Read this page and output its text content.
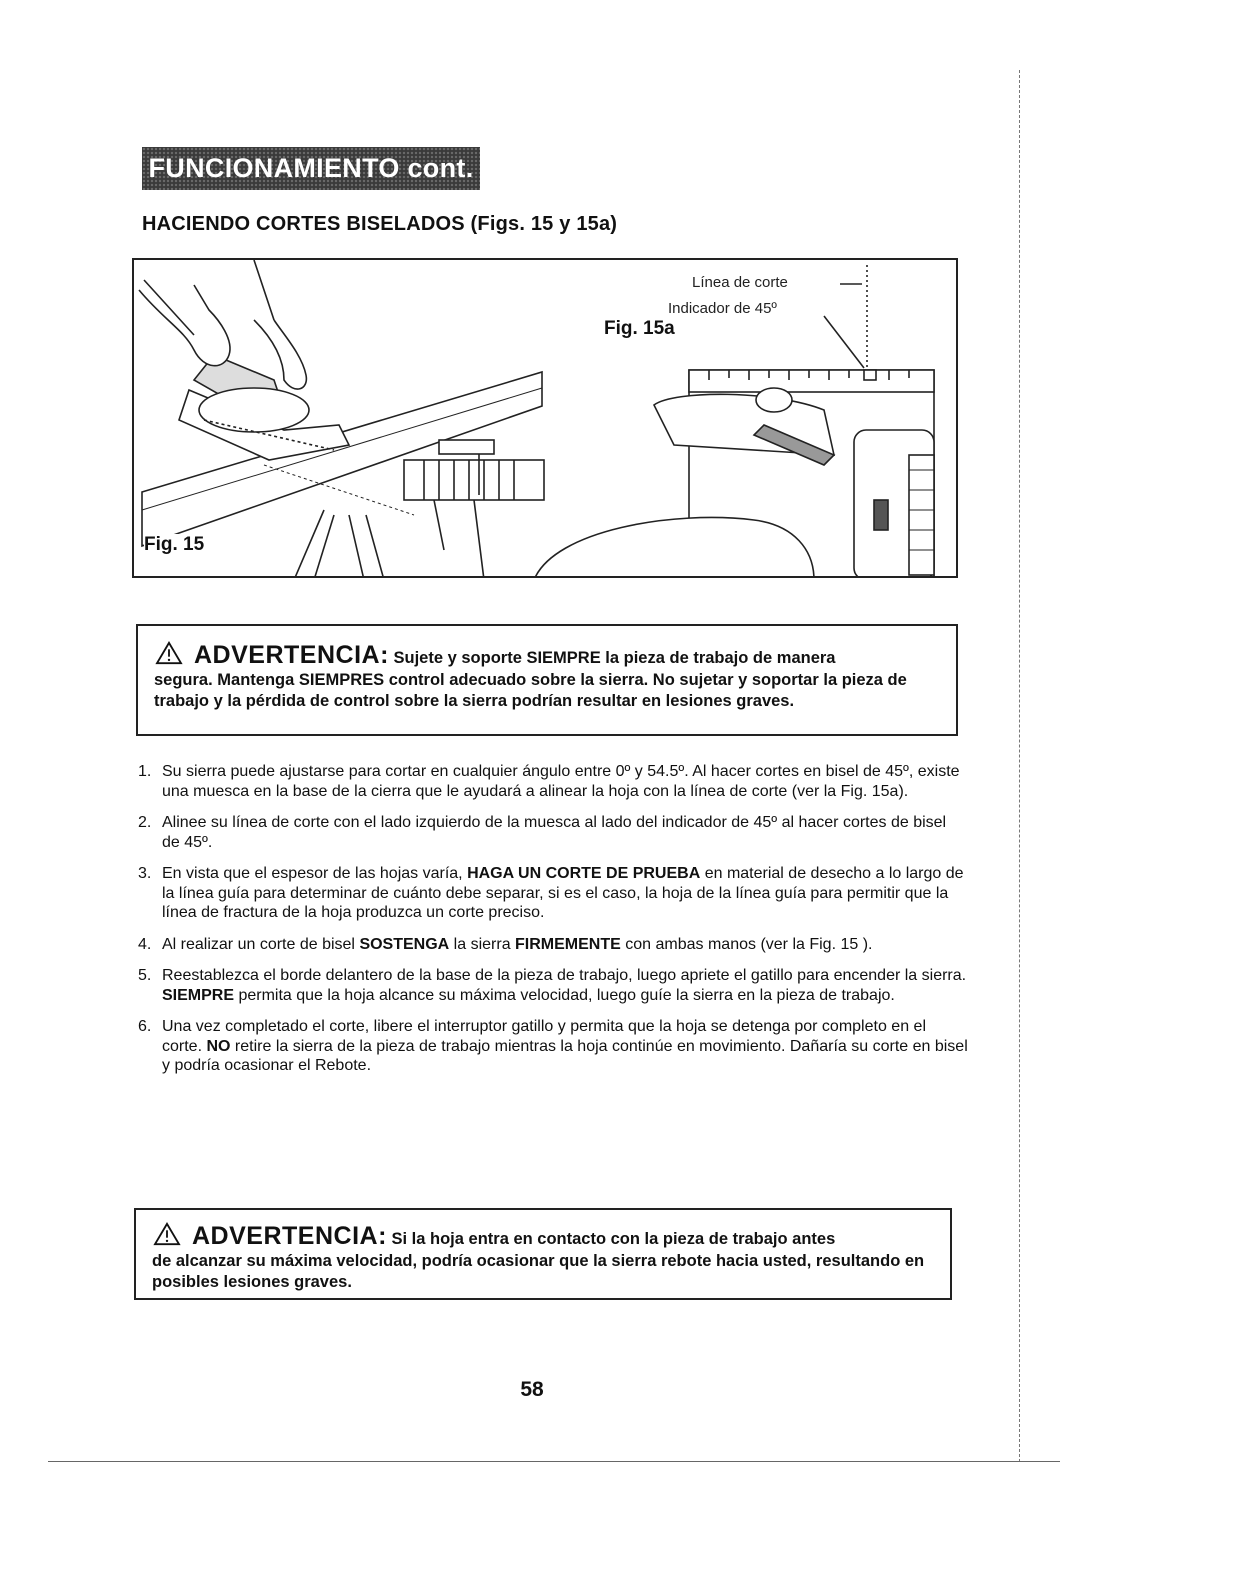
FUNCIONAMIENTO cont.
HACIENDO CORTES BISELADOS (Figs. 15 y 15a)
Fig. 15
Fig. 15a
Línea de corte
Indicador de 45º
ADVERTENCIA: Sujete y soporte SIEMPRE la pieza de trabajo de manera
segura. Mantenga SIEMPRES control adecuado sobre la sierra. No sujetar y soportar la pieza de trabajo y la pérdida de control sobre la sierra podrían resultar en lesiones graves.
1. Su sierra puede ajustarse para cortar en cualquier ángulo entre 0º y 54.5º. Al hacer cortes en bisel de 45º, existe una muesca en la base de la cierra que le ayudará a alinear la hoja con la línea de corte (ver la Fig. 15a).
2. Alinee su línea de corte con el lado izquierdo de la muesca al lado del indicador de 45º al hacer cortes de bisel de 45º.
3. En vista que el espesor de las hojas varía, HAGA UN CORTE DE PRUEBA en material de desecho a lo largo de la línea guía para determinar de cuánto debe separar, si es el caso, la hoja de la línea guía para permitir que la línea de fractura de la hoja produzca un corte preciso.
4. Al realizar un corte de bisel SOSTENGA la sierra FIRMEMENTE con ambas manos (ver la Fig. 15 ).
5. Reestablezca el borde delantero de la base de la pieza de trabajo, luego apriete el gatillo para encender la sierra. SIEMPRE permita que la hoja alcance su máxima velocidad, luego guíe la sierra en la pieza de trabajo.
6. Una vez completado el corte, libere el interruptor gatillo y permita que la hoja se detenga por completo en el corte. NO retire la sierra de la pieza de trabajo mientras la hoja continúe en movimiento. Dañaría su corte en bisel y podría ocasionar el Rebote.
ADVERTENCIA: Si la hoja entra en contacto con la pieza de trabajo antes
de alcanzar su máxima velocidad, podría ocasionar que la sierra rebote hacia usted, resultando en posibles lesiones graves.
58
